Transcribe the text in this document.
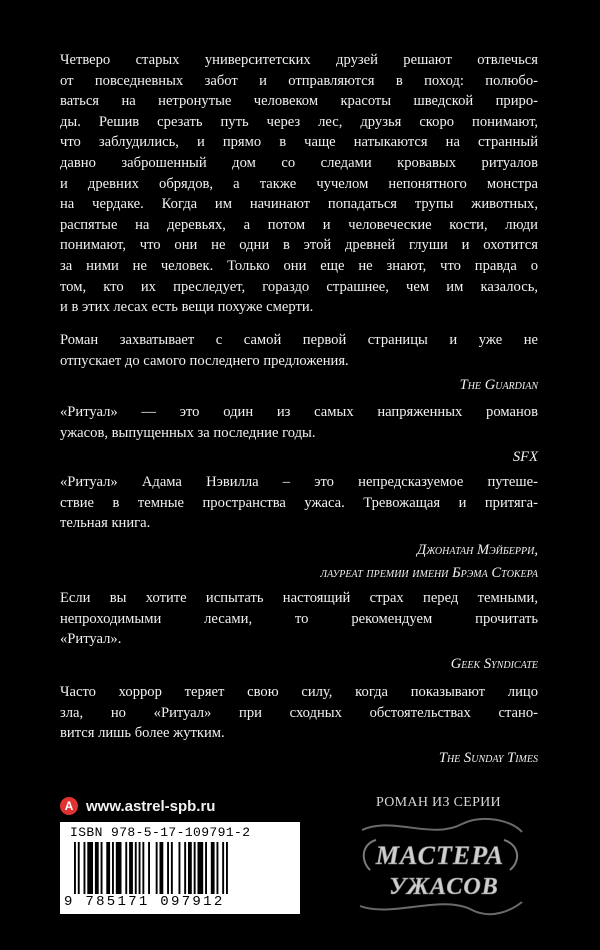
Четверо старых университетских друзей решают отвлечься
от повседневных забот и отправляются в поход: полюбо-
ваться на нетронутые человеком красоты шведской приро-
ды. Решив срезать путь через лес, друзья скоро понимают,
что заблудились, и прямо в чаще натыкаются на странный
давно заброшенный дом со следами кровавых ритуалов
и древних обрядов, а также чучелом непонятного монстра
на чердаке. Когда им начинают попадаться трупы животных,
распятые на деревьях, а потом и человеческие кости, люди
понимают, что они не одни в этой древней глуши и охотится
за ними не человек. Только они еще не знают, что правда о
том, кто их преследует, гораздо страшнее, чем им казалось,
и в этих лесах есть вещи похуже смерти.
Роман захватывает с самой первой страницы и уже не
отпускает до самого последнего предложения.
The Guardian
«Ритуал» — это один из самых напряженных романов
ужасов, выпущенных за последние годы.
SFX
«Ритуал» Адама Нэвилла – это непредсказуемое путеше-
ствие в темные пространства ужаса. Тревожащая и притяга-
тельная книга.
Джонатан Мэйберри,
лауреат премии имени Брэма Стокера
Если вы хотите испытать настоящий страх перед темными,
непроходимыми лесами, то рекомендуем прочитать
«Ритуал».
Geek Syndicate
Часто хоррор теряет свою силу, когда показывают лицо
зла, но «Ритуал» при сходных обстоятельствах стано-
вится лишь более жутким.
The Sunday Times
А www.astrel-spb.ru
ISBN 978-5-17-109791-2
9 785171 097912
РОМАН ИЗ СЕРИИ
МАСТЕРА
УЖАСОВ
